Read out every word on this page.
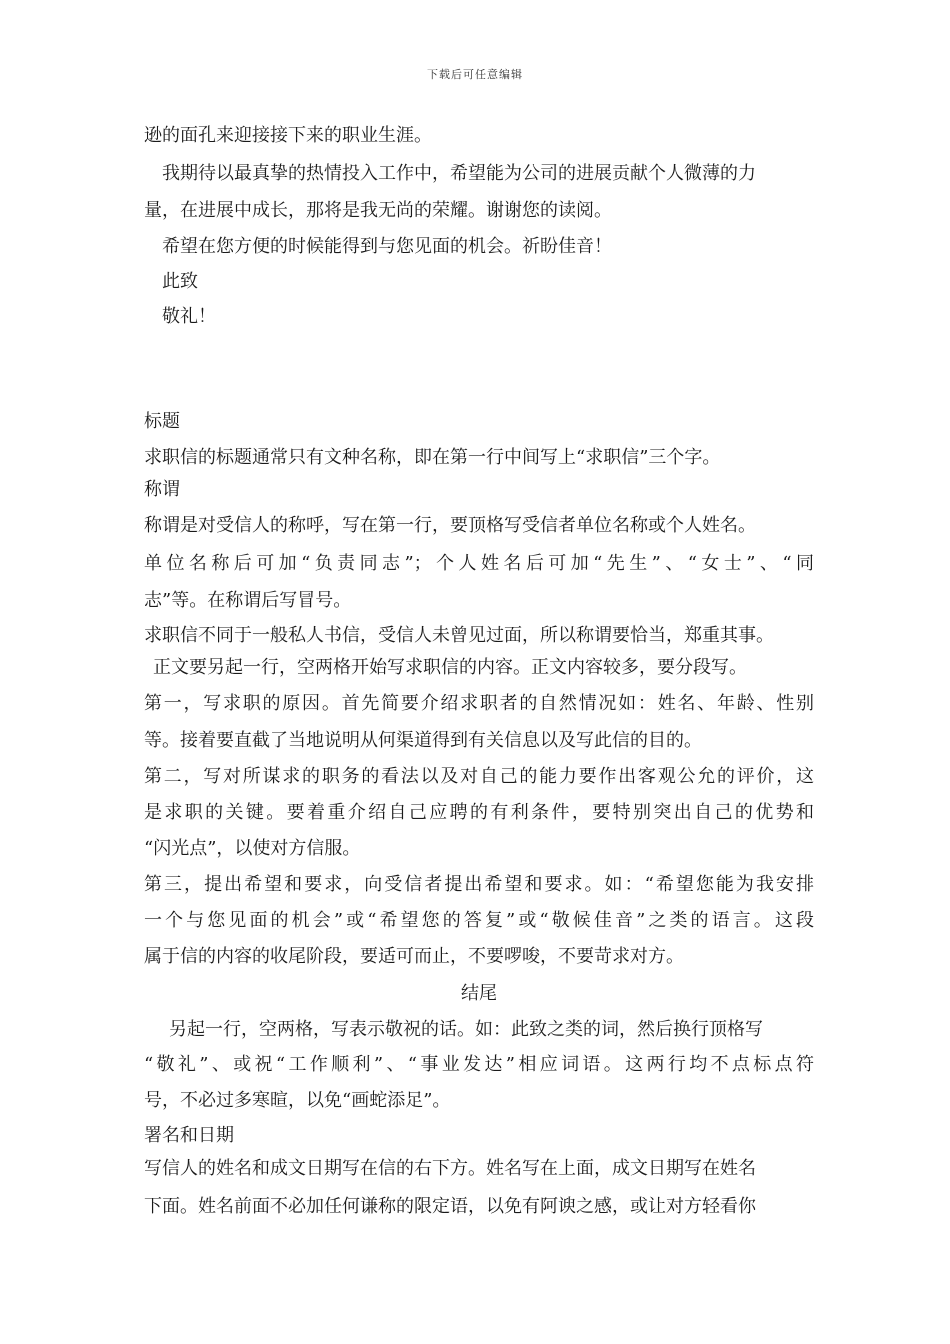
下载后可任意编辑
逊的面孔来迎接接下来的职业生涯。
我期待以最真挚的热情投入工作中，希望能为公司的进展贡献个人微薄的力
量，在进展中成长，那将是我无尚的荣耀。谢谢您的读阅。
希望在您方便的时候能得到与您见面的机会。祈盼佳音！
此致
敬礼！
标题
求职信的标题通常只有文种名称，即在第一行中间写上“求职信”三个字。
称谓
称谓是对受信人的称呼，写在第一行，要顶格写受信者单位名称或个人姓名。
单位名称后可加“负责同志”；个人姓名后可加“先生”、“女士”、“同
志”等。在称谓后写冒号。
求职信不同于一般私人书信，受信人未曾见过面，所以称谓要恰当，郑重其事。
正文要另起一行，空两格开始写求职信的内容。正文内容较多，要分段写。
第一，写求职的原因。首先简要介绍求职者的自然情况如：姓名、年龄、性别
等。接着要直截了当地说明从何渠道得到有关信息以及写此信的目的。
第二，写对所谋求的职务的看法以及对自己的能力要作出客观公允的评价，这
是求职的关键。要着重介绍自己应聘的有利条件，要特别突出自己的优势和
“闪光点”，以使对方信服。
第三，提出希望和要求，向受信者提出希望和要求。如：“希望您能为我安排
一个与您见面的机会”或“希望您的答复”或“敬候佳音”之类的语言。这段
属于信的内容的收尾阶段，要适可而止，不要啰唆，不要苛求对方。
结尾
另起一行，空两格，写表示敬祝的话。如：此致之类的词，然后换行顶格写
“敬礼”、或祝“工作顺利”、“事业发达”相应词语。这两行均不点标点符
号，不必过多寒暄，以免“画蛇添足”。
署名和日期
写信人的姓名和成文日期写在信的右下方。姓名写在上面，成文日期写在姓名
下面。姓名前面不必加任何谦称的限定语，以免有阿谀之感，或让对方轻看你
